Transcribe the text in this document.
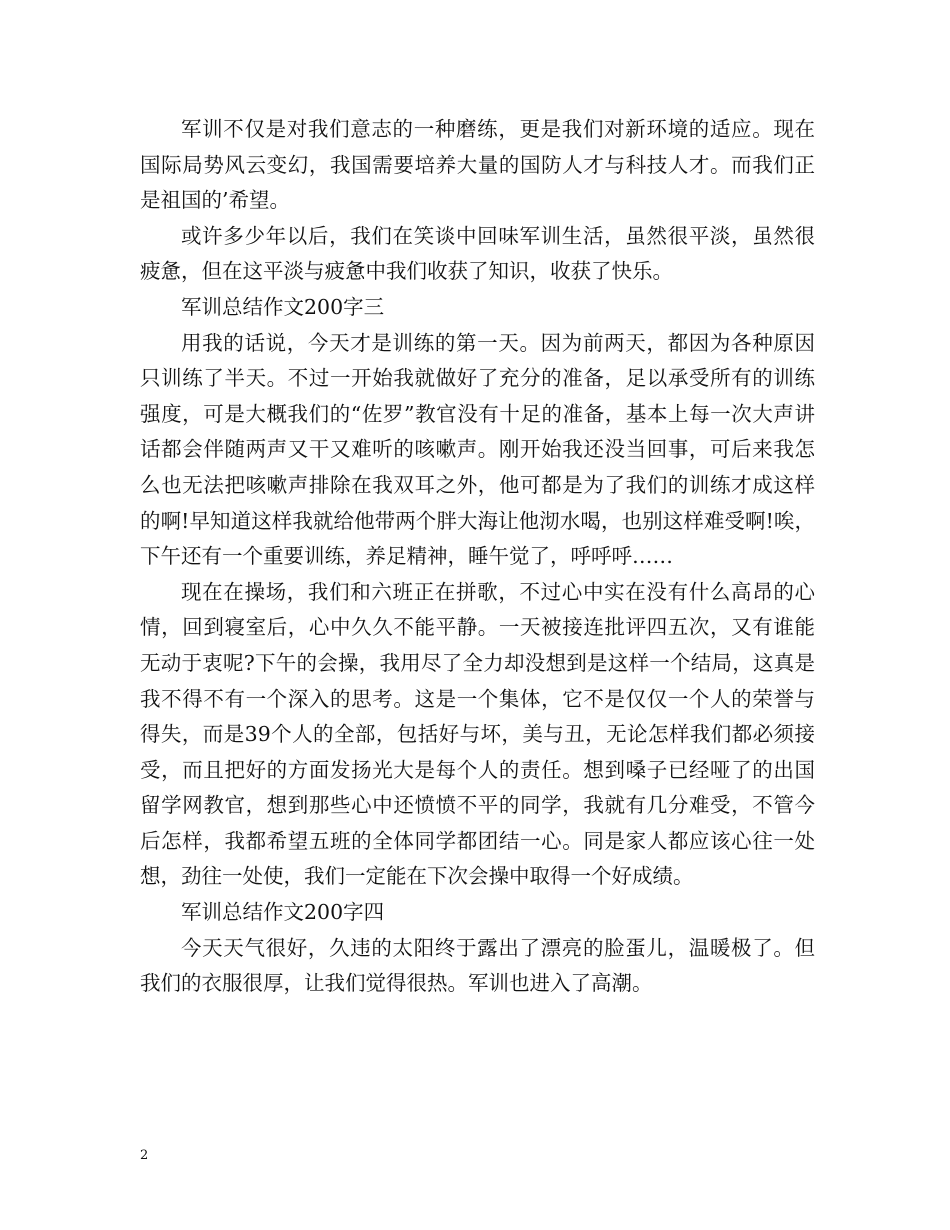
军训不仅是对我们意志的一种磨练，更是我们对新环境的适应。现在国际局势风云变幻，我国需要培养大量的国防人才与科技人才。而我们正是祖国的’希望。

或许多少年以后，我们在笑谈中回味军训生活，虽然很平淡，虽然很疲惫，但在这平淡与疲惫中我们收获了知识，收获了快乐。

军训总结作文200字三

用我的话说，今天才是训练的第一天。因为前两天，都因为各种原因只训练了半天。不过一开始我就做好了充分的准备，足以承受所有的训练强度，可是大概我们的“佐罗”教官没有十足的准备，基本上每一次大声讲话都会伴随两声又干又难听的咳嗽声。刚开始我还没当回事，可后来我怎么也无法把咳嗽声排除在我双耳之外，他可都是为了我们的训练才成这样的啊!早知道这样我就给他带两个胖大海让他沏水喝，也别这样难受啊!唉，下午还有一个重要训练，养足精神，睡午觉了，呼呼呼……

现在在操场，我们和六班正在拼歌，不过心中实在没有什么高昂的心情，回到寝室后，心中久久不能平静。一天被接连批评四五次，又有谁能无动于衷呢?下午的会操，我用尽了全力却没想到是这样一个结局，这真是我不得不有一个深入的思考。这是一个集体，它不是仅仅一个人的荣誉与得失，而是39个人的全部，包括好与坏，美与丑，无论怎样我们都必须接受，而且把好的方面发扬光大是每个人的责任。想到嗓子已经哑了的出国留学网教官，想到那些心中还愤愤不平的同学，我就有几分难受，不管今后怎样，我都希望五班的全体同学都团结一心。同是家人都应该心往一处想，劲往一处使，我们一定能在下次会操中取得一个好成绩。

军训总结作文200字四

今天天气很好，久违的太阳终于露出了漂亮的脸蛋儿，温暖极了。但我们的衣服很厚，让我们觉得很热。军训也进入了高潮。

2
